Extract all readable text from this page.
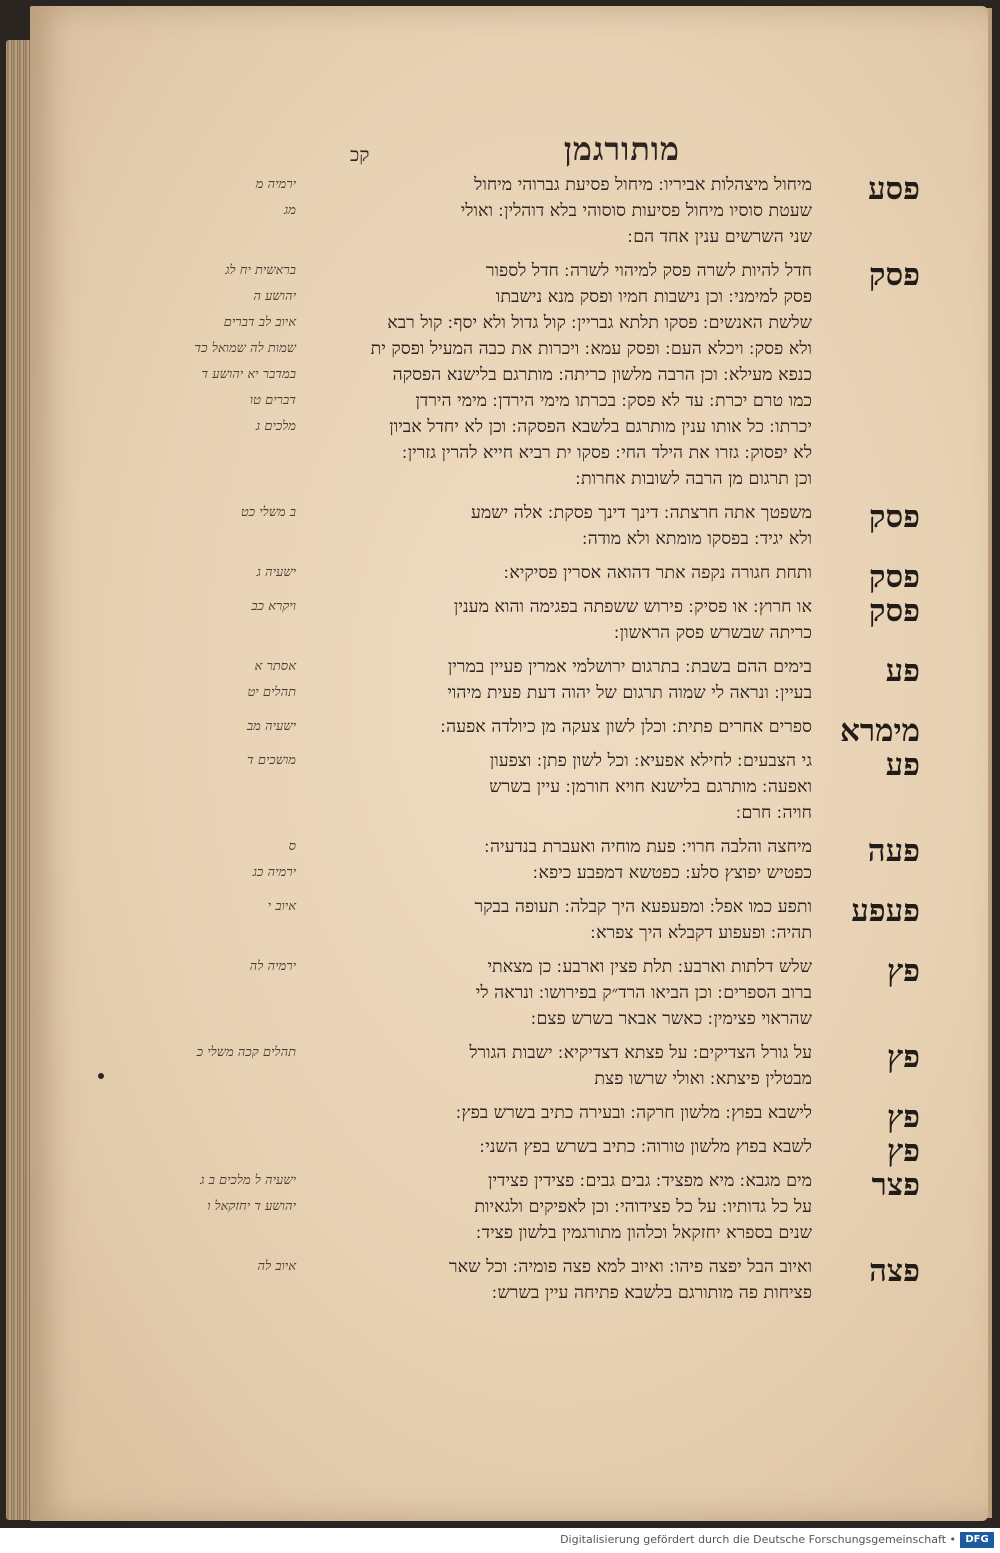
מותורגמן
קכ
פסע
מיחול מיצהלות אביריו ׃ מיחול פסיעת גברוהי מיחול
שעטת סוסיו מיחול פסיעות סוסוהי בלא דוהלין ׃ ואולי
שני השרשים ענין אחד הם ׃
ירמיה מ
מג
פסק
חדל להיות לשרה פסק למיהוי לשרה ׃ חדל לספור
פסק למימני ׃ וכן נישבות חמיו ופסק מנא נישבתו
שלשת האנשים ׃ פסקו תלתא גבריין ׃ קול גדול ולא יסף ׃ קול רבא
ולא פסק ׃ ויכלא העם ׃ ופסק עמא ׃ ויכרות את כבה המעיל ופסק ית
כנפא מעילא ׃ וכן הרבה מלשון כריתה ׃ מותרגם בלישנא הפסקה
כמו טרם יכרת ׃ עד לא פסק ׃ בכרתו מימי הירדן ׃ מימי הירדן
יכרתו ׃ כל אותו ענין מותרגם בלשבא הפסקה ׃ וכן לא יחדל אביון
לא יפסוק ׃ גזרו את הילד החי ׃ פסקו ית רביא חייא להרין גזרין ׃
וכן תרגום מן הרבה לשובות אחרות ׃
בראשית יח לג
יהושע ה
איוב לב דברים
שמות לה שמואל כד
במדבר יא יהושע ד
דברים טו
מלכים ג
פסק
משפטך אתה חרצתה ׃ דינך דינך פסקת ׃ אלה ישמע
ולא יגיד ׃ בפסקו מומתא ולא מודה ׃
ב משלי כט
פסק
ותחת חגורה נקפה אתר דהואה אסרין פסיקיא ׃
ישעיה ג
פסק
או חרוץ ׃ או פסיק ׃ פירוש ששפתה בפגימה והוא מענין
כריתה שבשרש פסק הראשון ׃
ויקרא כב
פע
בימים ההם בשבת ׃ בתרגום ירושלמי אמרין פעיין במרין
בעיין ׃ ונראה לי שמוה תרגום של יהוה דעת פעית מיהוי
אסתר א
תהלים יט
מימרא
ספרים אחרים פתית ׃ וכלן לשון צעקה מן כיולדה אפעה ׃
ישעיה מב
פע
גי הצבעים ׃ לחילא אפעיא ׃ וכל לשון פתן ׃ וצפעון
ואפעה ׃ מותרגם בלישנא חויא חורמן ׃ עיין בשרש
חויה ׃ חרם ׃
מושכים ד
פעה
מיחצה והלבה חרוי ׃ פעת מוחיה ואעברת בנדעיה ׃
כפטיש יפוצץ סלע ׃ כפטשא דמפבע כיפא ׃
ס
ירמיה כג
פעפע
ותפע כמו אפל ׃ ומפעפעא היך קבלה ׃ תעופה בבקר
תהיה ׃ ופעפוע דקבלא היך צפרא ׃
איוב י
פץ
שלש דלתות וארבע ׃ תלת פצין וארבע ׃ כן מצאתי
ברוב הספרים ׃ וכן הביאו הרד״ק בפירושו ׃ ונראה לי
שהראוי פצימין ׃ כאשר אבאר בשרש פצם ׃
ירמיה לה
פץ
על גורל הצדיקים ׃ על פצתא דצדיקיא ׃ ישבות הגורל
מבטלין פיצתא ׃ ואולי שרשו פצת
תהלים קכה משלי כ
פץ
לישבא בפוץ ׃ מלשון חרקה ׃ ובעירה כתיב בשרש בפץ ׃
פץ
לשבא בפוץ מלשון טורוה ׃ כתיב בשרש בפץ השני ׃
פצר
מים מגבא ׃ מיא מפציד ׃ גבים גבים ׃ פצידין פצידין
על כל גדותיו ׃ על כל פצידוהי ׃ וכן לאפיקים ולגאיות
שנים בספרא יחזקאל וכלהון מתורגמין בלשון פציד ׃
ישעיה ל מלכים ב ג
יהושע ד יחזקאל ו
פצה
ואיוב הבל יפצה פיהו ׃ ואיוב למא פצה פומיה ׃ וכל שאר
פציחות פה מותורגם בלשבא פתיחה עיין בשרש ׃
איוב לה
Digitalisierung gefördert durch die Deutsche Forschungsgemeinschaft • DFG
